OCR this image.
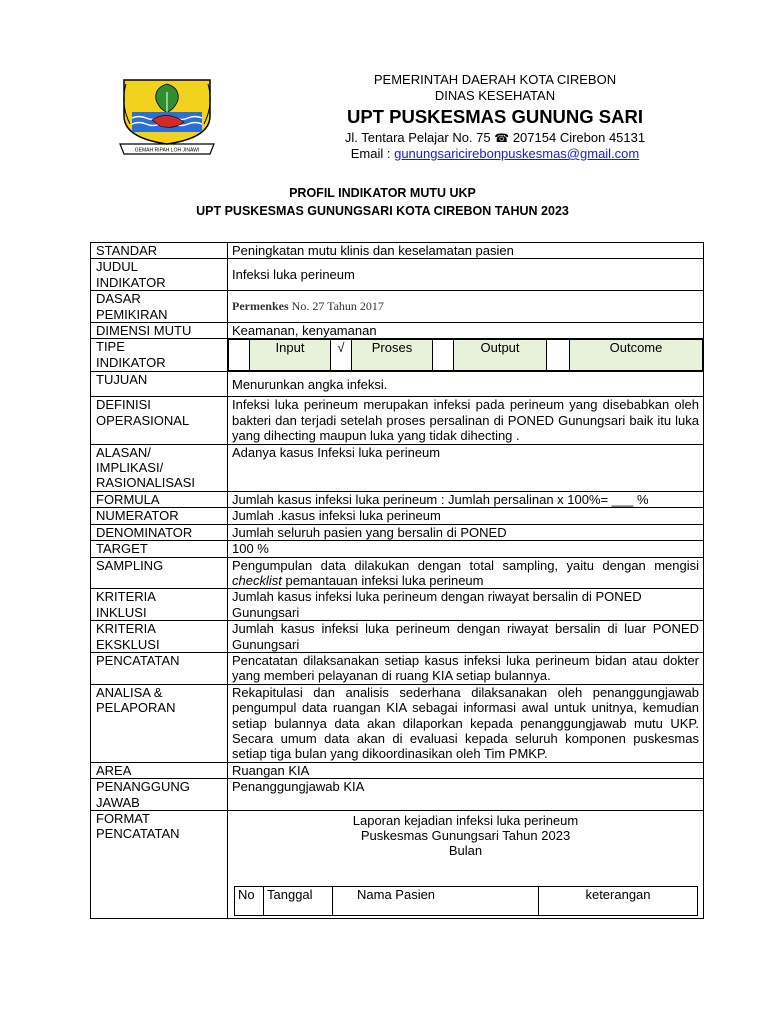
GEMAH RIPAH LOH JINAWI
PEMERINTAH DAERAH KOTA CIREBON
DINAS KESEHATAN
UPT PUSKESMAS GUNUNG SARI
Jl. Tentara Pelajar No. 75 ☎ 207154 Cirebon 45131
Email : gunungsaricirebonpuskesmas@gmail.com
PROFIL INDIKATOR MUTU UKP
UPT PUSKESMAS GUNUNGSARI KOTA CIREBON TAHUN 2023
STANDAR	Peningkatan mutu klinis dan keselamatan pasien

JUDUL
INDIKATOR
	Infeksi luka perineum

DASAR
PEMIKIRAN
	Permenkes No. 27 Tahun 2017
DIMENSI MUTU	Keamanan, kenyamanan

TIPE
INDIKATOR

	Input	√	Proses		Output		Outcome

TUJUAN	Menurunkan angka infeksi.

DEFINISI
OPERASIONAL
	Infeksi luka perineum merupakan infeksi pada perineum yang disebabkan oleh bakteri dan terjadi setelah proses persalinan di PONED Gunungsari baik itu luka yang dihecting maupun luka yang tidak dihecting .

ALASAN/
IMPLIKASI/
RASIONALISASI
	Adanya kasus Infeksi luka perineum
FORMULA	Jumlah kasus infeksi luka perineum : Jumlah persalinan x 100%= ___ %
NUMERATOR	Jumlah .kasus infeksi luka perineum
DENOMINATOR	Jumlah seluruh pasien yang bersalin di PONED
TARGET	100 %
SAMPLING	Pengumpulan data dilakukan dengan total sampling, yaitu dengan mengisi checklist pemantauan infeksi luka perineum

KRITERIA
INKLUSI

Jumlah kasus infeksi luka perineum dengan riwayat bersalin di PONED Gunungsari

KRITERIA
EKSKLUSI
	Jumlah kasus infeksi luka perineum dengan riwayat bersalin di luar PONED Gunungsari
PENCATATAN	Pencatatan dilaksanakan setiap kasus infeksi luka perineum bidan atau dokter yang memberi pelayanan di ruang KIA setiap bulannya.

ANALISA &
PELAPORAN
	Rekapitulasi dan analisis sederhana dilaksanakan oleh penanggungjawab pengumpul data ruangan KIA sebagai informasi awal untuk unitnya, kemudian setiap bulannya data akan dilaporkan kepada penanggungjawab mutu UKP. Secara umum data akan di evaluasi kepada seluruh komponen puskesmas setiap tiga bulan yang dikoordinasikan oleh Tim PMKP.
AREA	Ruangan KIA

PENANGGUNG
JAWAB
	Penanggungjawab KIA

FORMAT
PENCATATAN

Laporan kejadian infeksi luka perineum
Puskesmas Gunungsari Tahun 2023
Bulan
No	Tanggal	Nama Pasien	keterangan
